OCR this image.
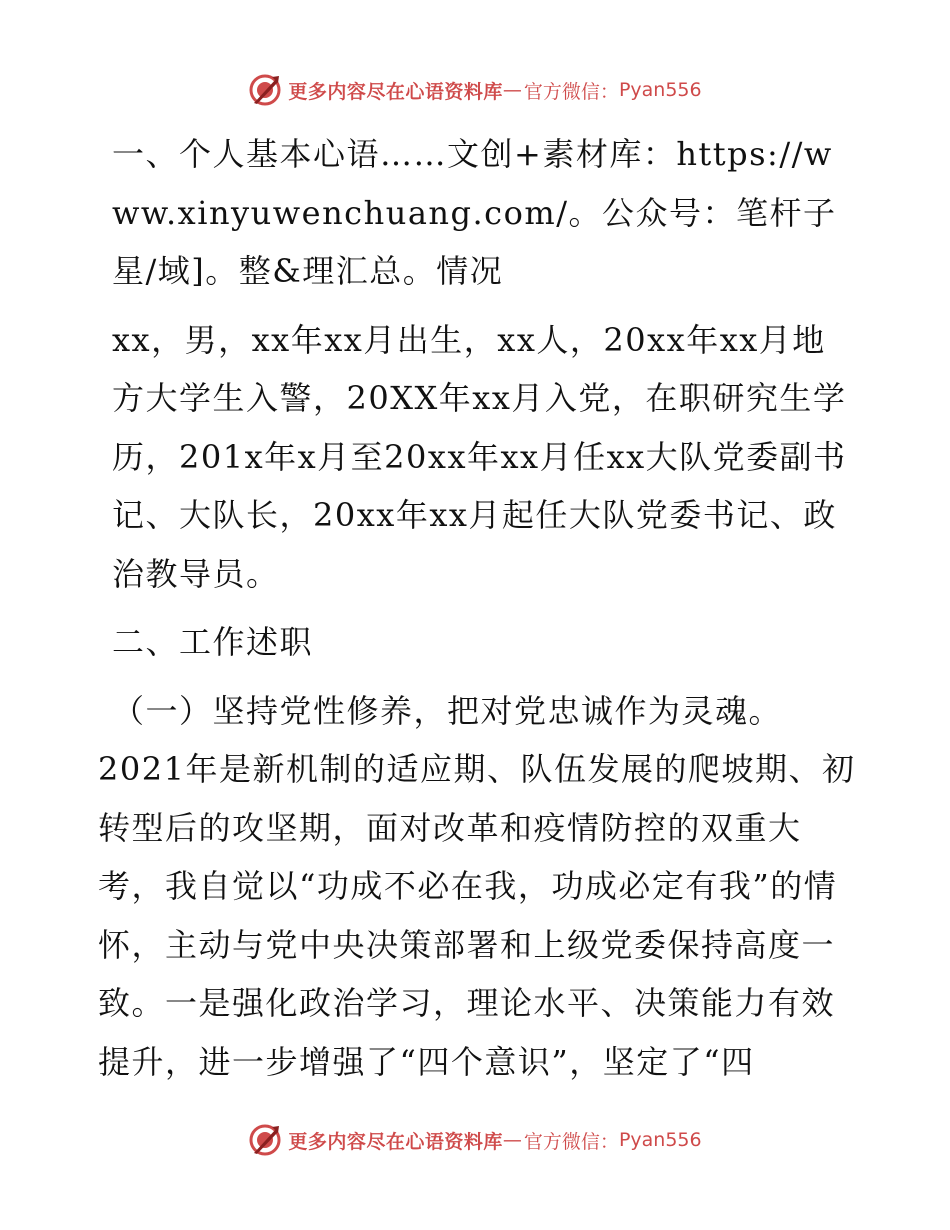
更多内容尽在心语资料库 — 官方微信： Pyan556

一、个人基本心语……文创+素材库：https://www.xinyuwenchuang.com/。公众号：笔杆子星/域]。整&理汇总。情况

xx，男，xx年xx月出生，xx人，20xx年xx月地方大学生入警，20XX年xx月入党，在职研究生学历，201x年x月至20xx年xx月任xx大队党委副书记、大队长，20xx年xx月起任大队党委书记、政治教导员。

二、工作述职

（一）坚持党性修养，把对党忠诚作为灵魂。

2021年是新机制的适应期、队伍发展的爬坡期、初转型后的攻坚期，面对改革和疫情防控的双重大考，我自觉以“功成不必在我，功成必定有我”的情怀，主动与党中央决策部署和上级党委保持高度一致。一是强化政治学习，理论水平、决策能力有效提升，进一步增强了“四个意识”，坚定了“四

更多内容尽在心语资料库 — 官方微信： Pyan556
